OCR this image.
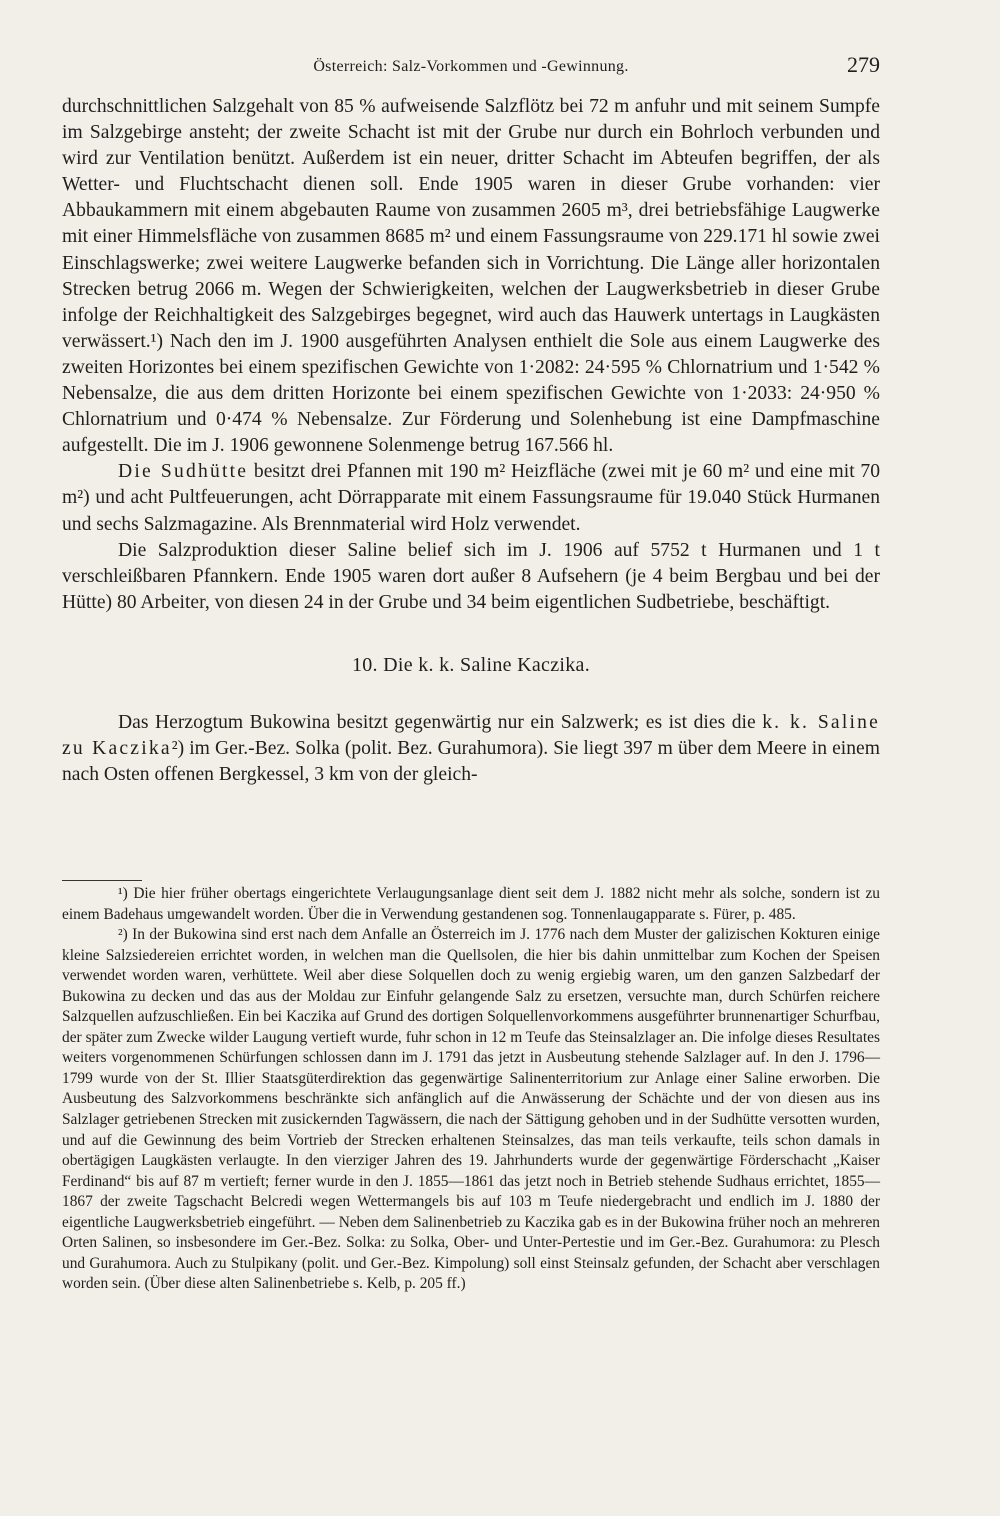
Österreich: Salz-Vorkommen und -Gewinnung.	279

durchschnittlichen Salzgehalt von 85 % aufweisende Salzflötz bei 72 m anfuhr und mit seinem Sumpfe im Salzgebirge ansteht; der zweite Schacht ist mit der Grube nur durch ein Bohrloch verbunden und wird zur Ventilation benützt. Außerdem ist ein neuer, dritter Schacht im Abteufen begriffen, der als Wetter- und Fluchtschacht dienen soll. Ende 1905 waren in dieser Grube vorhanden: vier Abbaukammern mit einem abgebauten Raume von zusammen 2605 m³, drei betriebsfähige Laugwerke mit einer Himmelsfläche von zusammen 8685 m² und einem Fassungsraume von 229.171 hl sowie zwei Einschlagswerke; zwei weitere Laugwerke befanden sich in Vorrichtung. Die Länge aller horizontalen Strecken betrug 2066 m. Wegen der Schwierigkeiten, welchen der Laugwerksbetrieb in dieser Grube infolge der Reichhaltigkeit des Salzgebirges begegnet, wird auch das Hauwerk untertags in Laugkästen verwässert.¹) Nach den im J. 1900 ausgeführten Analysen enthielt die Sole aus einem Laugwerke des zweiten Horizontes bei einem spezifischen Gewichte von 1·2082: 24·595 % Chlornatrium und 1·542 % Nebensalze, die aus dem dritten Horizonte bei einem spezifischen Gewichte von 1·2033: 24·950 % Chlornatrium und 0·474 % Nebensalze. Zur Förderung und Solenhebung ist eine Dampfmaschine aufgestellt. Die im J. 1906 gewonnene Solenmenge betrug 167.566 hl.

Die Sudhütte besitzt drei Pfannen mit 190 m² Heizfläche (zwei mit je 60 m² und eine mit 70 m²) und acht Pultfeuerungen, acht Dörrapparate mit einem Fassungsraume für 19.040 Stück Hurmanen und sechs Salzmagazine. Als Brennmaterial wird Holz verwendet.

Die Salzproduktion dieser Saline belief sich im J. 1906 auf 5752 t Hurmanen und 1 t verschleißbaren Pfannkern. Ende 1905 waren dort außer 8 Aufsehern (je 4 beim Bergbau und bei der Hütte) 80 Arbeiter, von diesen 24 in der Grube und 34 beim eigentlichen Sudbetriebe, beschäftigt.

10. Die k. k. Saline Kaczika.

Das Herzogtum Bukowina besitzt gegenwärtig nur ein Salzwerk; es ist dies die k. k. Saline zu Kaczika²) im Ger.-Bez. Solka (polit. Bez. Gurahumora). Sie liegt 397 m über dem Meere in einem nach Osten offenen Bergkessel, 3 km von der gleich-

¹) Die hier früher obertags eingerichtete Verlaugungsanlage dient seit dem J. 1882 nicht mehr als solche, sondern ist zu einem Badehaus umgewandelt worden. Über die in Verwendung gestandenen sog. Tonnenlaugapparate s. Fürer, p. 485.

²) In der Bukowina sind erst nach dem Anfalle an Österreich im J. 1776 nach dem Muster der galizischen Kokturen einige kleine Salzsiedereien errichtet worden, in welchen man die Quellsolen, die hier bis dahin unmittelbar zum Kochen der Speisen verwendet worden waren, verhüttete. Weil aber diese Solquellen doch zu wenig ergiebig waren, um den ganzen Salzbedarf der Bukowina zu decken und das aus der Moldau zur Einfuhr gelangende Salz zu ersetzen, versuchte man, durch Schürfen reichere Salzquellen aufzuschließen. Ein bei Kaczika auf Grund des dortigen Solquellenvorkommens ausgeführter brunnenartiger Schurfbau, der später zum Zwecke wilder Laugung vertieft wurde, fuhr schon in 12 m Teufe das Steinsalzlager an. Die infolge dieses Resultates weiters vorgenommenen Schürfungen schlossen dann im J. 1791 das jetzt in Ausbeutung stehende Salzlager auf. In den J. 1796—1799 wurde von der St. Illier Staatsgüterdirektion das gegenwärtige Salinenterritorium zur Anlage einer Saline erworben. Die Ausbeutung des Salzvorkommens beschränkte sich anfänglich auf die Anwässerung der Schächte und der von diesen aus ins Salzlager getriebenen Strecken mit zusickernden Tagwässern, die nach der Sättigung gehoben und in der Sudhütte versotten wurden, und auf die Gewinnung des beim Vortrieb der Strecken erhaltenen Steinsalzes, das man teils verkaufte, teils schon damals in obertägigen Laugkästen verlaugte. In den vierziger Jahren des 19. Jahrhunderts wurde der gegenwärtige Förderschacht „Kaiser Ferdinand“ bis auf 87 m vertieft; ferner wurde in den J. 1855—1861 das jetzt noch in Betrieb stehende Sudhaus errichtet, 1855—1867 der zweite Tagschacht Belcredi wegen Wettermangels bis auf 103 m Teufe niedergebracht und endlich im J. 1880 der eigentliche Laugwerksbetrieb eingeführt. — Neben dem Salinenbetrieb zu Kaczika gab es in der Bukowina früher noch an mehreren Orten Salinen, so insbesondere im Ger.-Bez. Solka: zu Solka, Ober- und Unter-Pertestie und im Ger.-Bez. Gurahumora: zu Plesch und Gurahumora. Auch zu Stulpikany (polit. und Ger.-Bez. Kimpolung) soll einst Steinsalz gefunden, der Schacht aber verschlagen worden sein. (Über diese alten Salinenbetriebe s. Kelb, p. 205 ff.)
